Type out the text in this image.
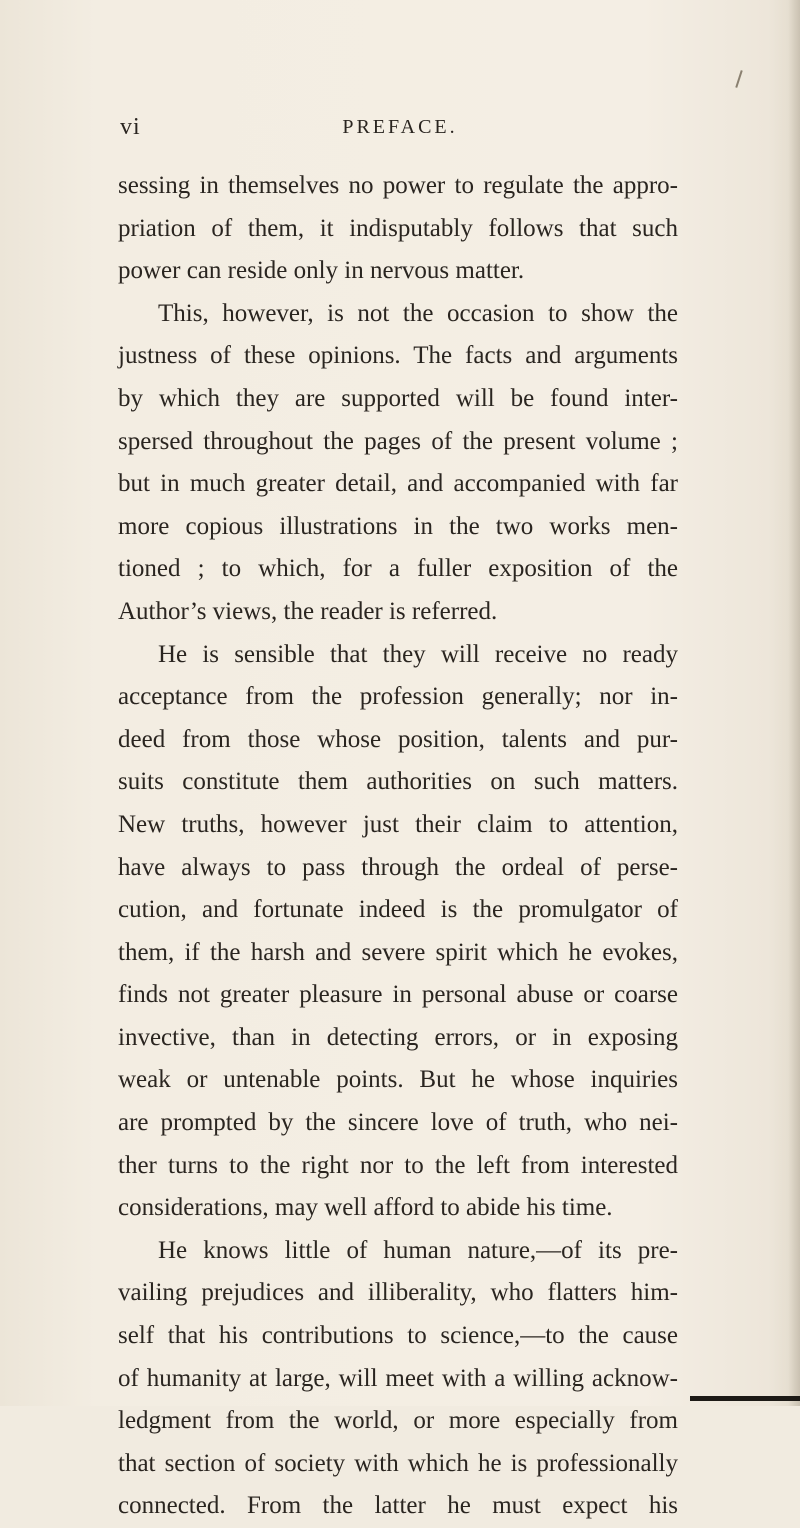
vi	PREFACE.
sessing in themselves no power to regulate the appro-
priation of them, it indisputably follows that such
power can reside only in nervous matter.
This, however, is not the occasion to show the
justness of these opinions. The facts and arguments
by which they are supported will be found inter-
spersed throughout the pages of the present volume ;
but in much greater detail, and accompanied with far
more copious illustrations in the two works men-
tioned ; to which, for a fuller exposition of the
Author’s views, the reader is referred.
He is sensible that they will receive no ready
acceptance from the profession generally; nor in-
deed from those whose position, talents and pur-
suits constitute them authorities on such matters.
New truths, however just their claim to attention,
have always to pass through the ordeal of perse-
cution, and fortunate indeed is the promulgator of
them, if the harsh and severe spirit which he evokes,
finds not greater pleasure in personal abuse or coarse
invective, than in detecting errors, or in exposing
weak or untenable points. But he whose inquiries
are prompted by the sincere love of truth, who nei-
ther turns to the right nor to the left from interested
considerations, may well afford to abide his time.
He knows little of human nature,—of its pre-
vailing prejudices and illiberality, who flatters him-
self that his contributions to science,—to the cause
of humanity at large, will meet with a willing acknow-
ledgment from the world, or more especially from
that section of society with which he is professionally
connected. From the latter he must expect his
